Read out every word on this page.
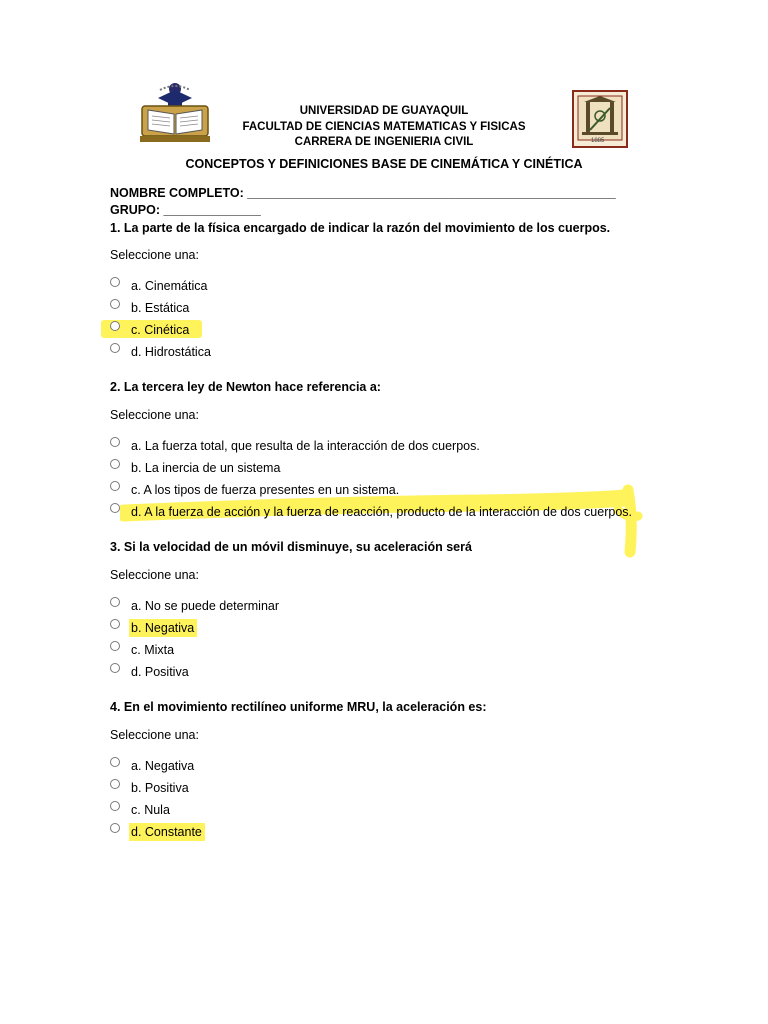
1885
UNIVERSIDAD DE GUAYAQUIL
FACULTAD DE CIENCIAS MATEMATICAS Y FISICAS
CARRERA DE INGENIERIA CIVIL
CONCEPTOS Y DEFINICIONES BASE DE CINEMÁTICA Y CINÉTICA
NOMBRE COMPLETO: _____________________________________________________
GRUPO: ______________
1. La parte de la física encargado de indicar la razón del movimiento de los cuerpos.
Seleccione una:
a. Cinemática
b. Estática
c. Cinética
d. Hidrostática
2. La tercera ley de Newton hace referencia a:
Seleccione una:
a. La fuerza total, que resulta de la interacción de dos cuerpos.
b. La inercia de un sistema
c. A los tipos de fuerza presentes en un sistema.
d. A la fuerza de acción y la fuerza de reacción, producto de la interacción de dos cuerpos.
3. Si la velocidad de un móvil disminuye, su aceleración será
Seleccione una:
a. No se puede determinar
b. Negativa
c. Mixta
d. Positiva
4. En el movimiento rectilíneo uniforme MRU, la aceleración es:
Seleccione una:
a. Negativa
b. Positiva
c. Nula
d. Constante
